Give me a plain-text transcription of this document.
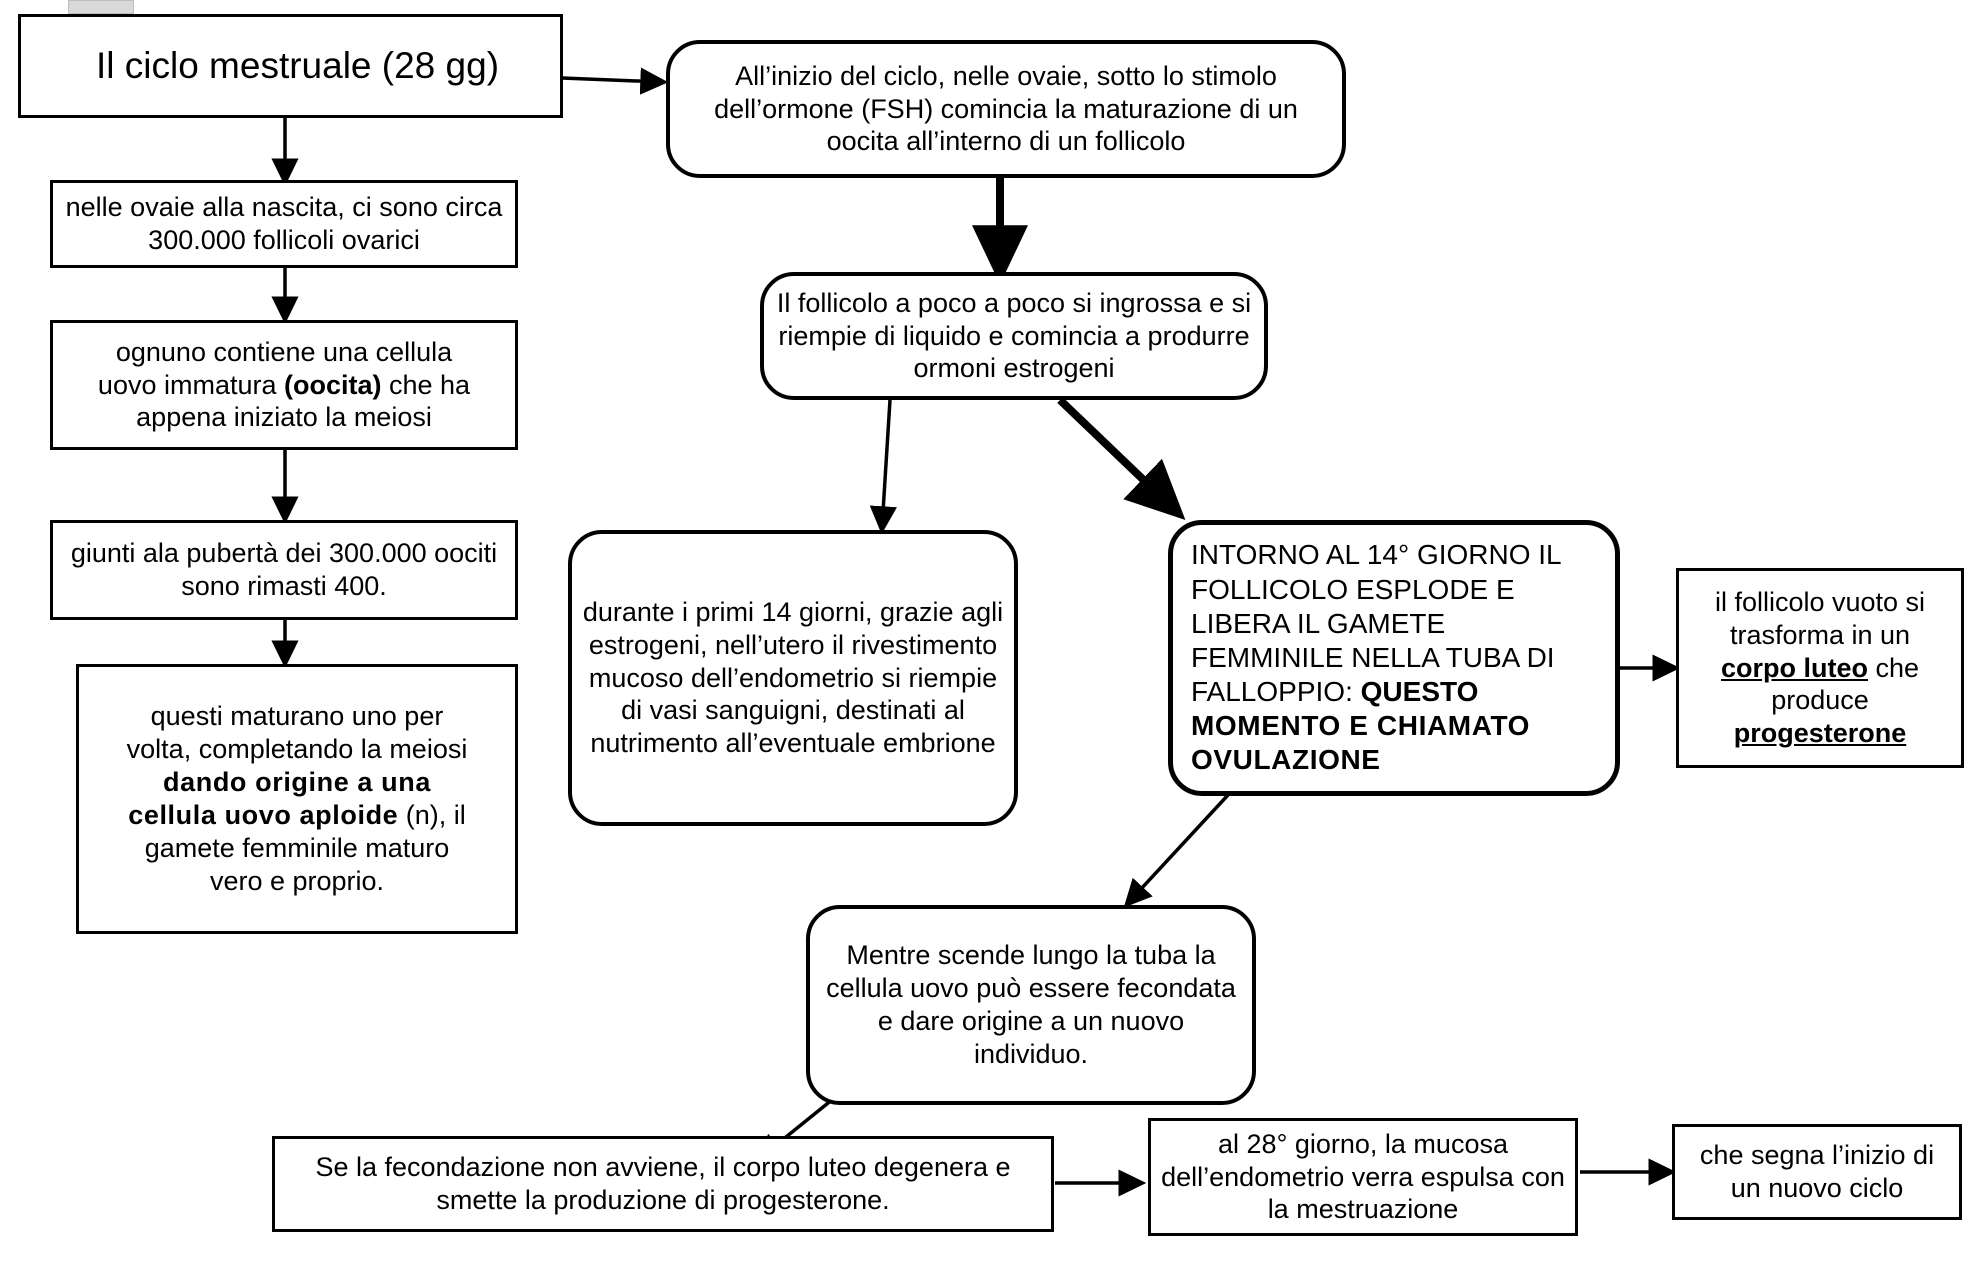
Il ciclo mestruale (28 gg)
nelle ovaie alla nascita, ci sono circa 300.000 follicoli ovarici
ognuno contiene una cellula
uovo immatura (oocita) che ha
appena iniziato la meiosi
giunti ala pubertà dei 300.000 oociti sono rimasti 400.
questi maturano uno per
volta, completando la meiosi
dando origine a una
cellula uovo aploide (n), il
gamete femminile maturo
vero e proprio.
All’inizio del ciclo, nelle ovaie, sotto lo stimolo dell’ormone (FSH) comincia la maturazione di un oocita all’interno di un follicolo
Il follicolo a poco a poco si ingrossa e si riempie di liquido e comincia a produrre ormoni estrogeni
durante i primi 14 giorni, grazie agli estrogeni, nell’utero il rivestimento mucoso dell’endometrio si riempie di vasi sanguigni, destinati al nutrimento all’eventuale embrione
INTORNO AL 14° GIORNO IL
FOLLICOLO ESPLODE E
LIBERA IL GAMETE
FEMMINILE NELLA TUBA DI
FALLOPPIO: QUESTO
MOMENTO E CHIAMATO
OVULAZIONE
il follicolo vuoto si
trasforma in un
corpo luteo che
produce
progesterone
Mentre scende lungo la tuba la cellula uovo può essere fecondata e dare origine a un nuovo individuo.
Se la fecondazione non avviene, il corpo luteo degenera e smette la produzione di progesterone.
al 28° giorno, la mucosa dell’endometrio verra espulsa con la mestruazione
che segna l’inizio di un nuovo ciclo
